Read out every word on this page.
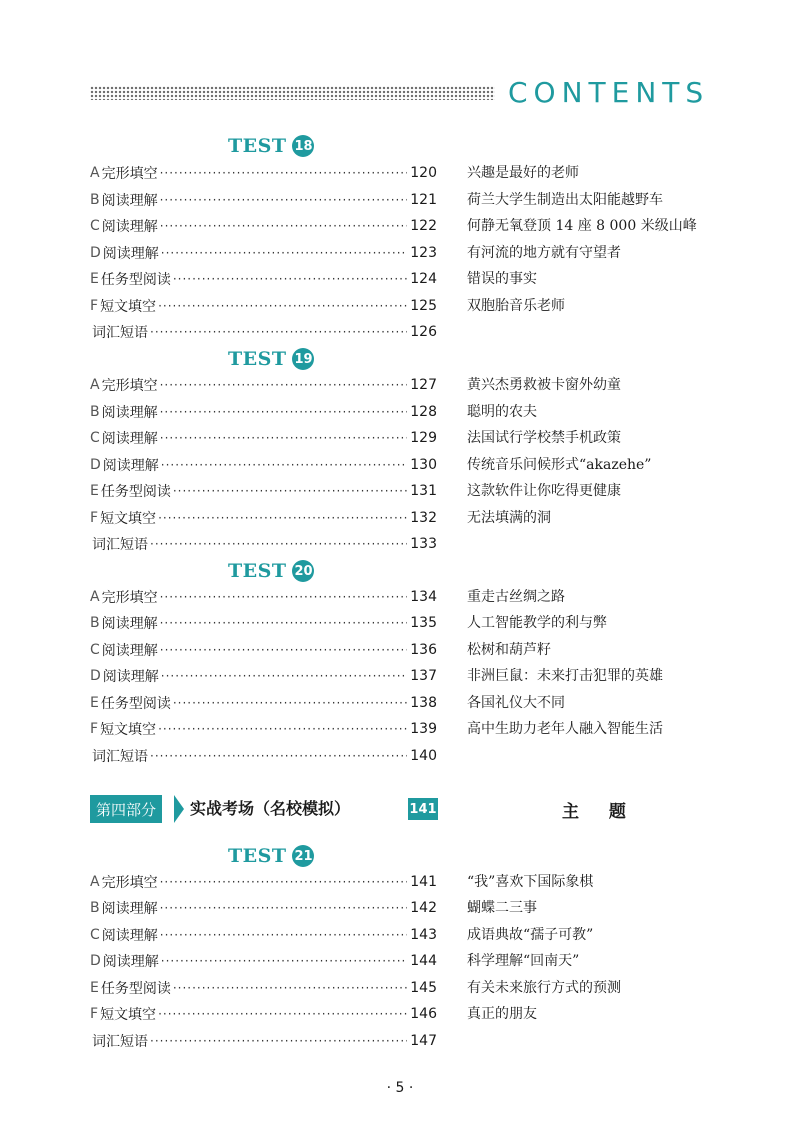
CONTENTS
TEST 18
A 完形填空 ·····	120 兴趣是最好的老师
B 阅读理解 ·····	121 荷兰大学生制造出太阳能越野车
C 阅读理解 ·····	122 何静无氧登顶 14 座 8 000 米级山峰
D 阅读理解 ·····	123 有河流的地方就有守望者
E 任务型阅读 ·····	124 错误的事实
F 短文填空 ·····	125 双胞胎音乐老师
词汇短语 ·····	126
TEST 19
A 完形填空 ·····	127 黄兴杰勇救被卡窗外幼童
B 阅读理解 ·····	128 聪明的农夫
C 阅读理解 ·····	129 法国试行学校禁手机政策
D 阅读理解 ·····	130 传统音乐问候形式“akazehe”
E 任务型阅读 ·····	131 这款软件让你吃得更健康
F 短文填空 ·····	132 无法填满的洞
词汇短语 ·····	133
TEST 20
A 完形填空 ·····	134 重走古丝绸之路
B 阅读理解 ·····	135 人工智能教学的利与弊
C 阅读理解 ·····	136 松树和葫芦籽
D 阅读理解 ·····	137 非洲巨鼠：未来打击犯罪的英雄
E 任务型阅读 ·····	138 各国礼仪大不同
F 短文填空 ·····	139 高中生助力老年人融入智能生活
词汇短语 ·····	140
第四部分	实战考场（名校模拟）	141	主 题
TEST 21
A 完形填空 ·····	141 “我”喜欢下国际象棋
B 阅读理解 ·····	142 蝴蝶二三事
C 阅读理解 ·····	143 成语典故“孺子可教”
D 阅读理解 ·····	144 科学理解“回南天”
E 任务型阅读 ·····	145 有关未来旅行方式的预测
F 短文填空 ·····	146 真正的朋友
词汇短语 ·····	147
· 5 ·
